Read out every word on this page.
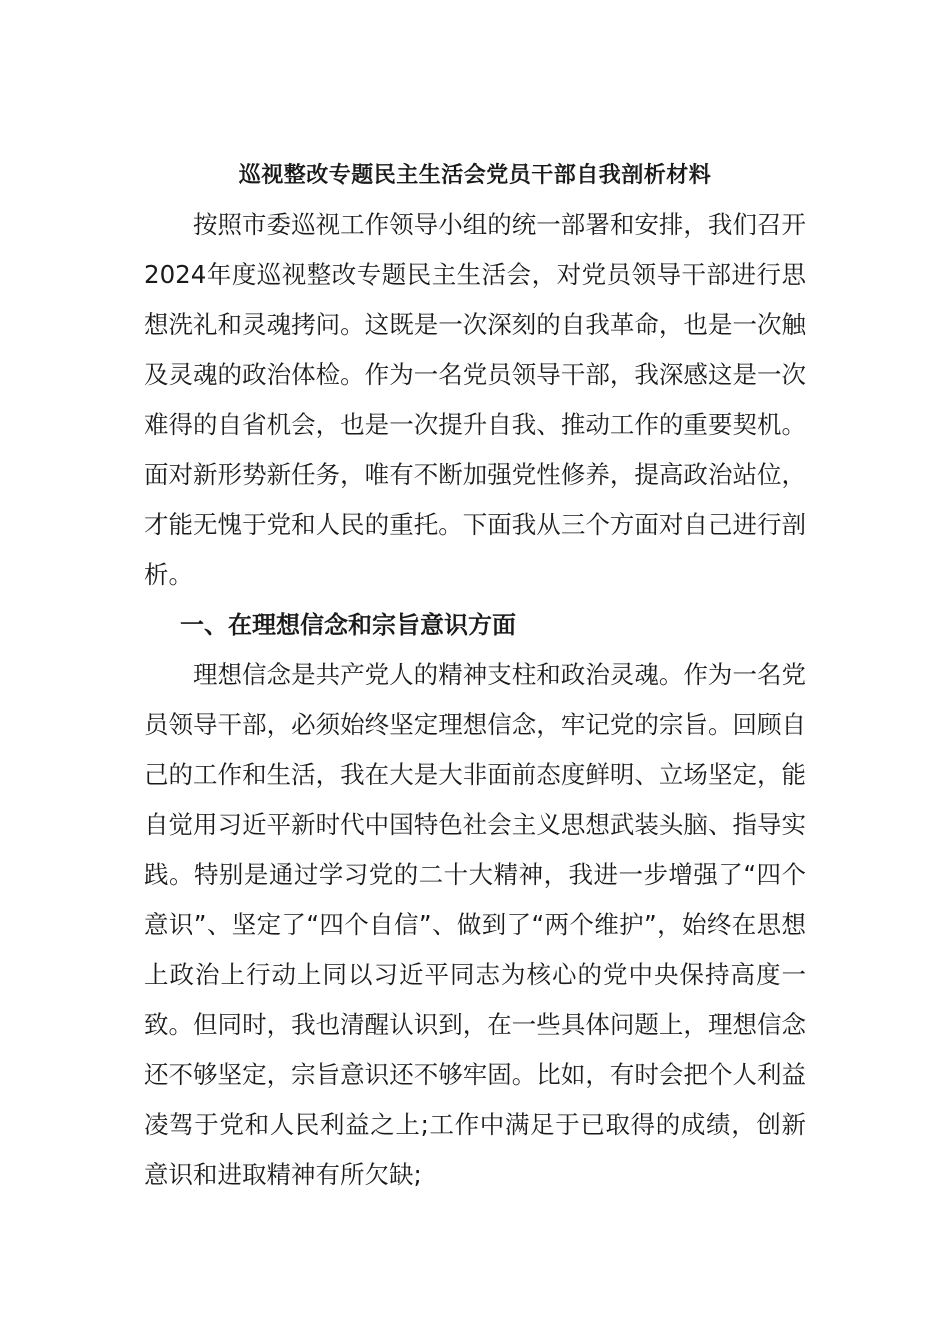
巡视整改专题民主生活会党员干部自我剖析材料

按照市委巡视工作领导小组的统一部署和安排，我们召开2024年度巡视整改专题民主生活会，对党员领导干部进行思想洗礼和灵魂拷问。这既是一次深刻的自我革命，也是一次触及灵魂的政治体检。作为一名党员领导干部，我深感这是一次难得的自省机会，也是一次提升自我、推动工作的重要契机。面对新形势新任务，唯有不断加强党性修养，提高政治站位，才能无愧于党和人民的重托。下面我从三个方面对自己进行剖析。

一、在理想信念和宗旨意识方面

理想信念是共产党人的精神支柱和政治灵魂。作为一名党员领导干部，必须始终坚定理想信念，牢记党的宗旨。回顾自己的工作和生活，我在大是大非面前态度鲜明、立场坚定，能自觉用习近平新时代中国特色社会主义思想武装头脑、指导实践。特别是通过学习党的二十大精神，我进一步增强了“四个意识”、坚定了“四个自信”、做到了“两个维护”，始终在思想上政治上行动上同以习近平同志为核心的党中央保持高度一致。但同时，我也清醒认识到，在一些具体问题上，理想信念还不够坚定，宗旨意识还不够牢固。比如，有时会把个人利益凌驾于党和人民利益之上;工作中满足于已取得的成绩，创新意识和进取精神有所欠缺;
